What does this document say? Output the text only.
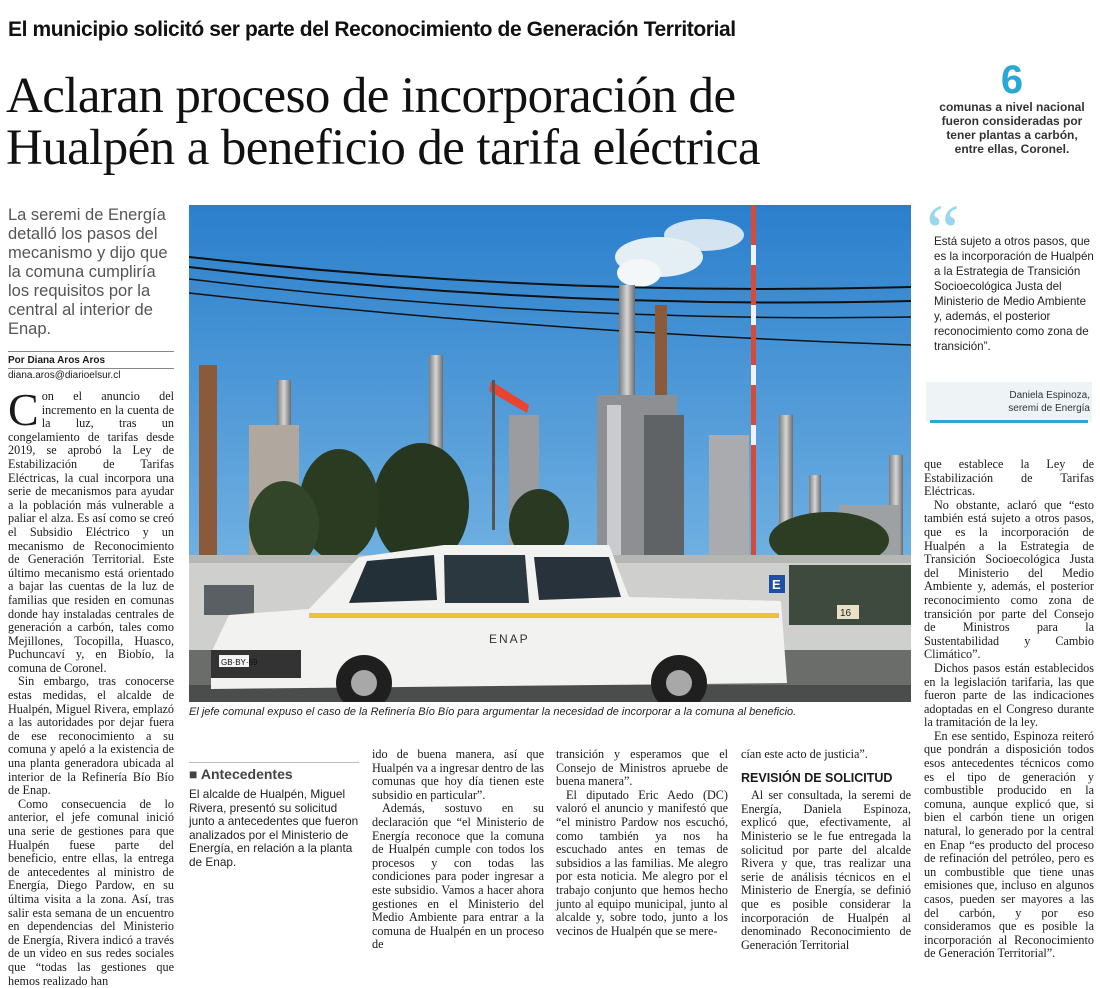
El municipio solicitó ser parte del Reconocimiento de Generación Territorial
Aclaran proceso de incorporación de Hualpén a beneficio de tarifa eléctrica
6
comunas a nivel nacional fueron consideradas por tener plantas a carbón, entre ellas, Coronel.
La seremi de Energía detalló los pasos del mecanismo y dijo que la comuna cumpliría los requisitos por la central al interior de Enap.
Por Diana Aros Aros
diana.aros@diarioelsur.cl

Con el anuncio del incremento en la cuenta de la luz, tras un congelamiento de tarifas desde 2019, se aprobó la Ley de Estabilización de Tarifas Eléctricas, la cual incorpora una serie de mecanismos para ayudar a la población más vulnerable a paliar el alza. Es así como se creó el Subsidio Eléctrico y un mecanismo de Reconocimiento de Generación Territorial. Este último mecanismo está orientado a bajar las cuentas de la luz de familias que residen en comunas donde hay instaladas centrales de generación a carbón, tales como Mejillones, Tocopilla, Huasco, Puchuncaví y, en Biobío, la comuna de Coronel.

Sin embargo, tras conocerse estas medidas, el alcalde de Hualpén, Miguel Rivera, emplazó a las autoridades por dejar fuera de ese reconocimiento a su comuna y apeló a la existencia de una planta generadora ubicada al interior de la Refinería Bío Bío de Enap.

Como consecuencia de lo anterior, el jefe comunal inició una serie de gestiones para que Hualpén fuese parte del beneficio, entre ellas, la entrega de antecedentes al ministro de Energía, Diego Pardow, en su última visita a la zona. Así, tras salir esta semana de un encuentro en dependencias del Ministerio de Energía, Rivera indicó a través de un video en sus redes sociales que “todas las gestiones que hemos realizado han

E
16
GB·BY·69
ENAP
El jefe comunal expuso el caso de la Refinería Bío Bío para argumentar la necesidad de incorporar a la comuna al beneficio.
■ Antecedentes
El alcalde de Hualpén, Miguel Rivera, presentó su solicitud junto a antecedentes que fueron analizados por el Ministerio de Energía, en relación a la planta de Enap.

ido de buena manera, así que Hualpén va a ingresar dentro de las comunas que hoy día tienen este subsidio en particular”.

Además, sostuvo en su declaración que “el Ministerio de Energía reconoce que la comuna de Hualpén cumple con todos los procesos y con todas las condiciones para poder ingresar a este subsidio. Vamos a hacer ahora gestiones en el Ministerio del Medio Ambiente para entrar a la comuna de Hualpén en un proceso de

transición y esperamos que el Consejo de Ministros apruebe de buena manera”.

El diputado Eric Aedo (DC) valoró el anuncio y manifestó que “el ministro Pardow nos escuchó, como también ya nos ha escuchado antes en temas de subsidios a las familias. Me alegro por esta noticia. Me alegro por el trabajo conjunto que hemos hecho junto al equipo municipal, junto al alcalde y, sobre todo, junto a los vecinos de Hualpén que se mere-

cían este acto de justicia”.

REVISIÓN DE SOLICITUD

Al ser consultada, la seremi de Energía, Daniela Espinoza, explicó que, efectivamente, al Ministerio se le fue entregada la solicitud por parte del alcalde Rivera y que, tras realizar una serie de análisis técnicos en el Ministerio de Energía, se definió que es posible considerar la incorporación de Hualpén al denominado Reconocimiento de Generación Territorial

“
Está sujeto a otros pasos, que es la incorporación de Hualpén a la Estrategia de Transición Socioecológica Justa del Ministerio de Medio Ambiente y, además, el posterior reconocimiento como zona de transición”.
Daniela Espinoza,
seremi de Energía

que establece la Ley de Estabilización de Tarifas Eléctricas.

No obstante, aclaró que “esto también está sujeto a otros pasos, que es la incorporación de Hualpén a la Estrategia de Transición Socioecológica Justa del Ministerio del Medio Ambiente y, además, el posterior reconocimiento como zona de transición por parte del Consejo de Ministros para la Sustentabilidad y Cambio Climático”.

Dichos pasos están establecidos en la legislación tarifaria, las que fueron parte de las indicaciones adoptadas en el Congreso durante la tramitación de la ley.

En ese sentido, Espinoza reiteró que pondrán a disposición todos esos antecedentes técnicos como es el tipo de generación y combustible producido en la comuna, aunque explicó que, si bien el carbón tiene un origen natural, lo generado por la central en Enap “es producto del proceso de refinación del petróleo, pero es un combustible que tiene unas emisiones que, incluso en algunos casos, pueden ser mayores a las del carbón, y por eso consideramos que es posible la incorporación al Reconocimiento de Generación Territorial”.
